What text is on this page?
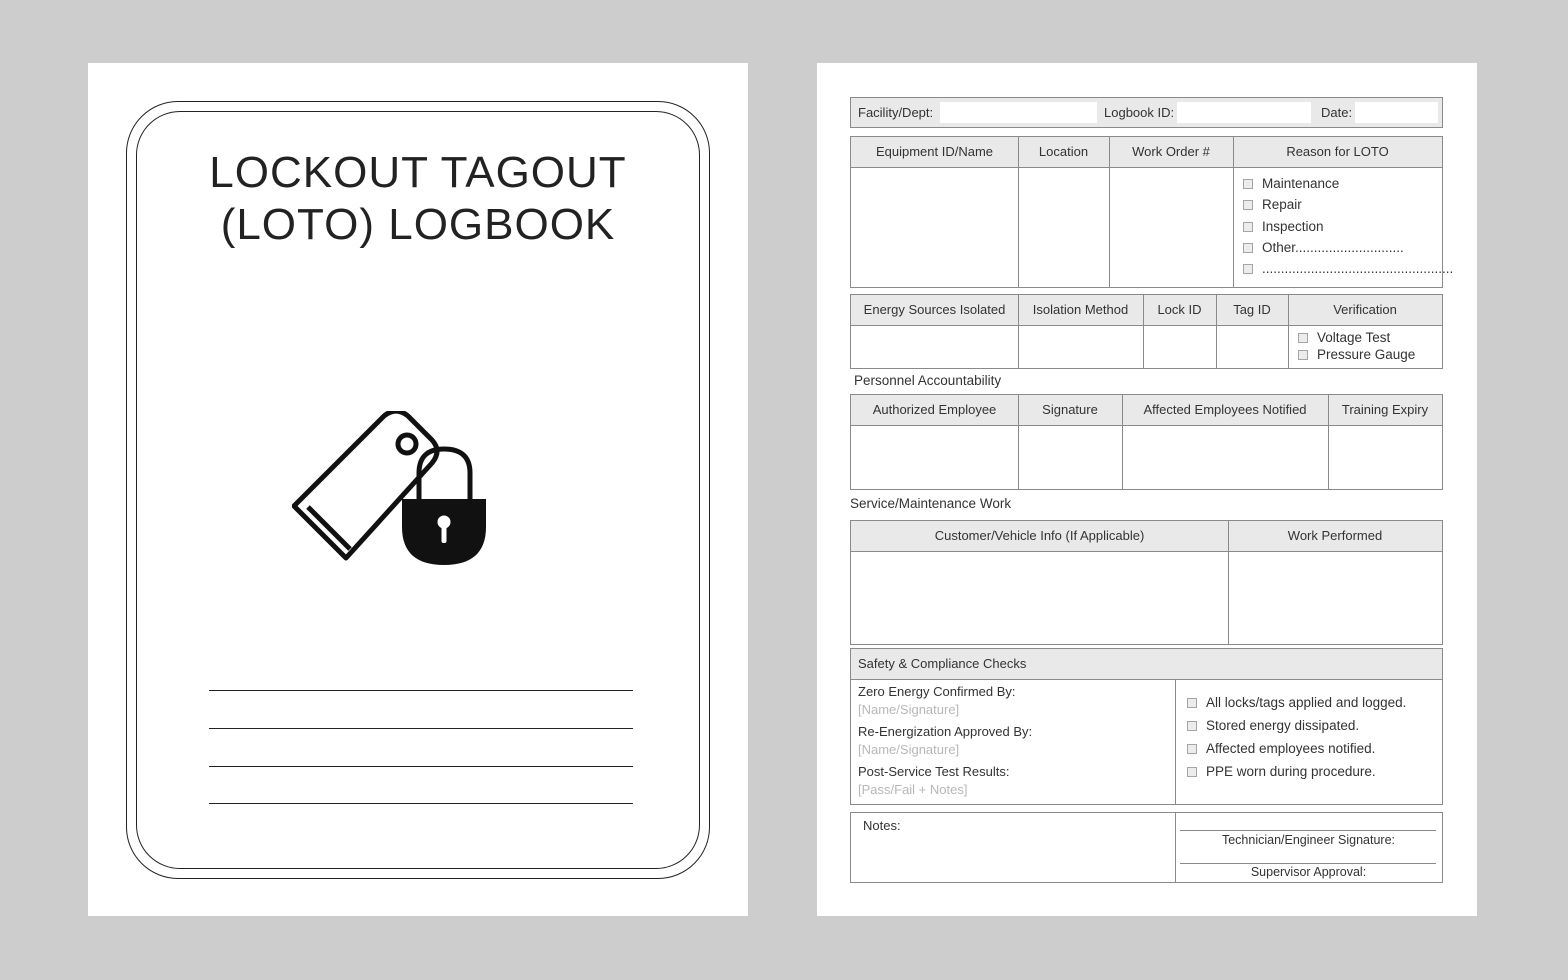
LOCKOUT TAGOUT
(LOTO) LOGBOOK
Facility/Dept:	Logbook ID:	Date:
Equipment ID/Name	Location	Work Order #	Reason for LOTO
Maintenance
Repair
Inspection
Other.............................
...................................................
Energy Sources Isolated	Isolation Method	Lock ID	Tag ID	Verification
Voltage Test
Pressure Gauge
Personnel Accountability
Authorized Employee	Signature	Affected Employees Notified	Training Expiry
Service/Maintenance Work
Customer/Vehicle Info (If Applicable)	Work Performed
Safety & Compliance Checks
Zero Energy Confirmed By:
[Name/Signature]
Re-Energization Approved By:
[Name/Signature]
Post-Service Test Results:
[Pass/Fail + Notes]
All locks/tags applied and logged.
Stored energy dissipated.
Affected employees notified.
PPE worn during procedure.
Notes:
Technician/Engineer Signature:
Supervisor Approval:
